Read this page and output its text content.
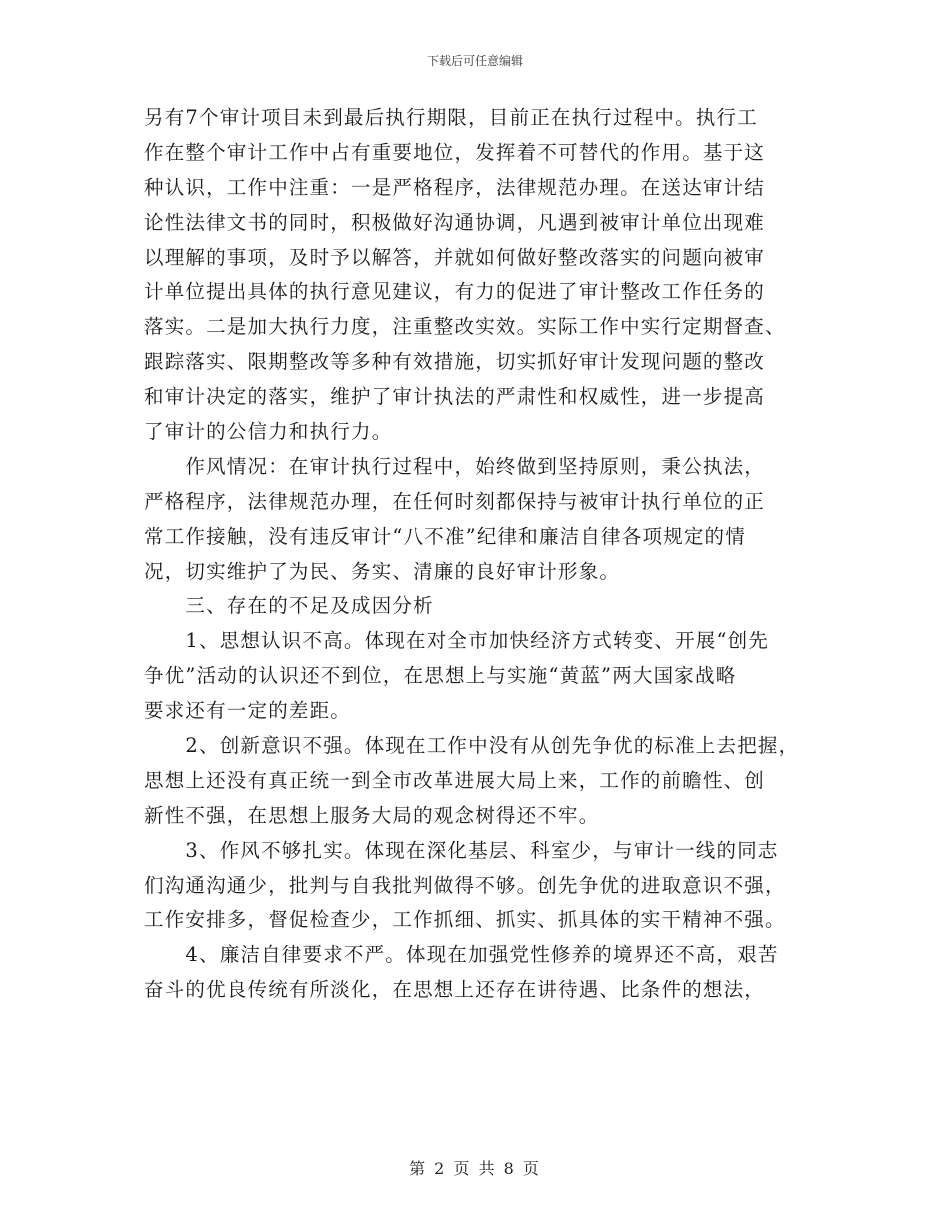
下载后可任意编辑
另有7个审计项目未到最后执行期限，目前正在执行过程中。执行工
作在整个审计工作中占有重要地位，发挥着不可替代的作用。基于这
种认识，工作中注重：一是严格程序，法律规范办理。在送达审计结
论性法律文书的同时，积极做好沟通协调，凡遇到被审计单位出现难
以理解的事项，及时予以解答，并就如何做好整改落实的问题向被审
计单位提出具体的执行意见建议，有力的促进了审计整改工作任务的
落实。二是加大执行力度，注重整改实效。实际工作中实行定期督查、
跟踪落实、限期整改等多种有效措施，切实抓好审计发现问题的整改
和审计决定的落实，维护了审计执法的严肃性和权威性，进一步提高
了审计的公信力和执行力。
　　作风情况：在审计执行过程中，始终做到坚持原则，秉公执法，
严格程序，法律规范办理，在任何时刻都保持与被审计执行单位的正
常工作接触，没有违反审计“八不准”纪律和廉洁自律各项规定的情
况，切实维护了为民、务实、清廉的良好审计形象。
　　三、存在的不足及成因分析
　　1、思想认识不高。体现在对全市加快经济方式转变、开展“创先
争优”活动的认识还不到位，在思想上与实施“黄蓝”两大国家战略
要求还有一定的差距。
　　2、创新意识不强。体现在工作中没有从创先争优的标准上去把握，
思想上还没有真正统一到全市改革进展大局上来，工作的前瞻性、创
新性不强，在思想上服务大局的观念树得还不牢。
　　3、作风不够扎实。体现在深化基层、科室少，与审计一线的同志
们沟通沟通少，批判与自我批判做得不够。创先争优的进取意识不强，
工作安排多，督促检查少，工作抓细、抓实、抓具体的实干精神不强。
　　4、廉洁自律要求不严。体现在加强党性修养的境界还不高，艰苦
奋斗的优良传统有所淡化，在思想上还存在讲待遇、比条件的想法，
第 2 页 共 8 页
